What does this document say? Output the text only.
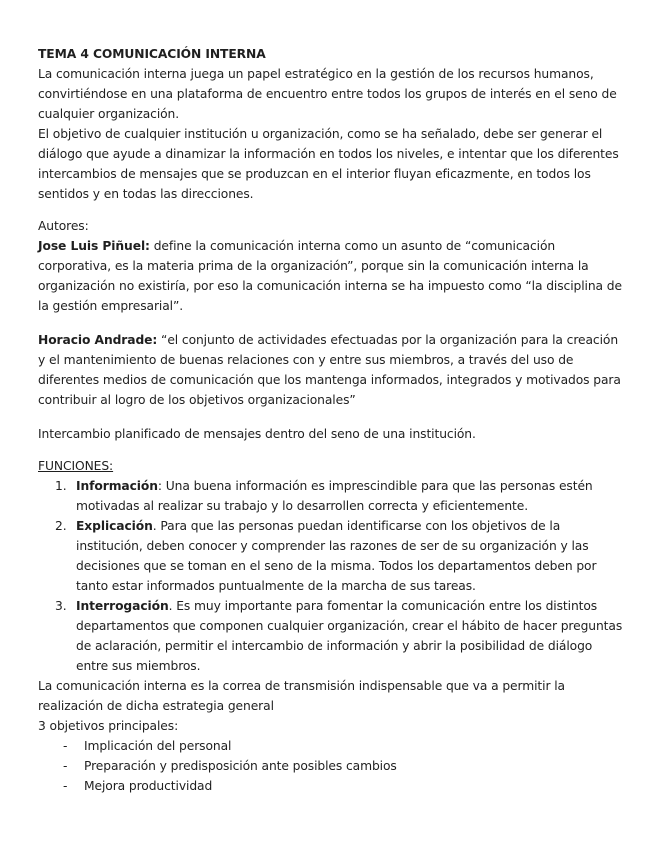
TEMA 4 COMUNICACIÓN INTERNA

La comunicación interna juega un papel estratégico en la gestión de los recursos humanos, convirtiéndose en una plataforma de encuentro entre todos los grupos de interés en el seno de cualquier organización.

El objetivo de cualquier institución u organización, como se ha señalado, debe ser generar el diálogo que ayude a dinamizar la información en todos los niveles, e intentar que los diferentes intercambios de mensajes que se produzcan en el interior fluyan eficazmente, en todos los sentidos y en todas las direcciones.

Autores:

Jose Luis Piñuel: define la comunicación interna como un asunto de “comunicación corporativa, es la materia prima de la organización”, porque sin la comunicación interna la organización no existiría, por eso la comunicación interna se ha impuesto como “la disciplina de la gestión empresarial”.

Horacio Andrade: “el conjunto de actividades efectuadas por la organización para la creación y el mantenimiento de buenas relaciones con y entre sus miembros, a través del uso de diferentes medios de comunicación que los mantenga informados, integrados y motivados para contribuir al logro de los objetivos organizacionales”

Intercambio planificado de mensajes dentro del seno de una institución.

FUNCIONES:

1. Información: Una buena información es imprescindible para que las personas estén motivadas al realizar su trabajo y lo desarrollen correcta y eficientemente.
2. Explicación. Para que las personas puedan identificarse con los objetivos de la institución, deben conocer y comprender las razones de ser de su organización y las decisiones que se toman en el seno de la misma. Todos los departamentos deben por tanto estar informados puntualmente de la marcha de sus tareas.
3. Interrogación. Es muy importante para fomentar la comunicación entre los distintos departamentos que componen cualquier organización, crear el hábito de hacer preguntas de aclaración, permitir el intercambio de información y abrir la posibilidad de diálogo entre sus miembros.

La comunicación interna es la correa de transmisión indispensable que va a permitir la realización de dicha estrategia general

3 objetivos principales:

- Implicación del personal
- Preparación y predisposición ante posibles cambios
- Mejora productividad
